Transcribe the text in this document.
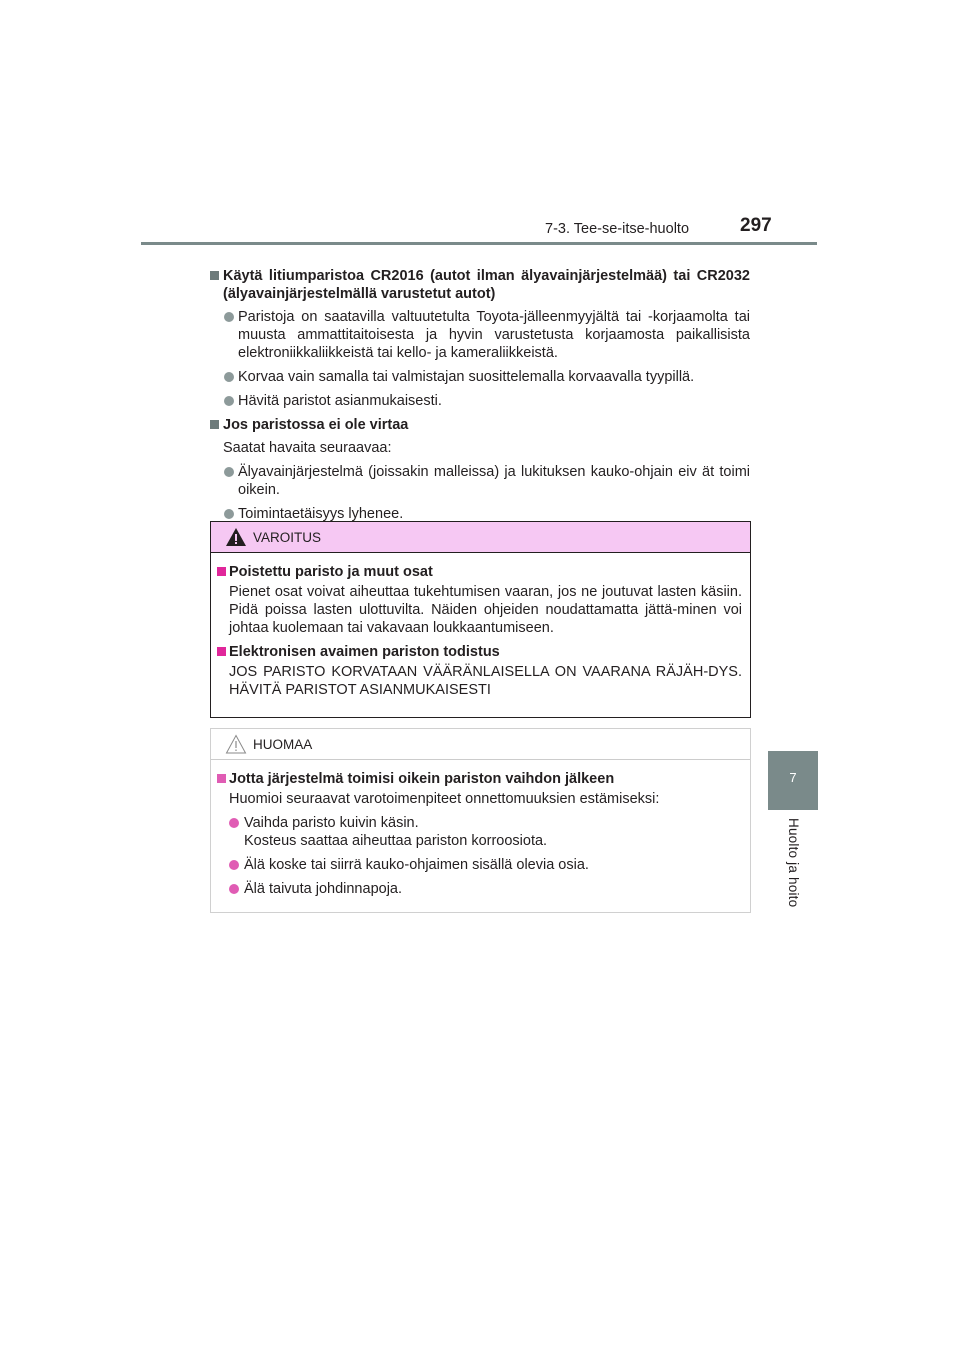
7-3. Tee-se-itse-huolto	297
7
Huolto ja hoito
Käytä litiumparistoa CR2016 (autot ilman älyavainjärjestelmää) tai CR2032 (älyavainjärjestelmällä varustetut autot)
Paristoja on saatavilla valtuutetulta Toyota-jälleenmyyjältä tai -korjaamolta tai muusta ammattitaitoisesta ja hyvin varustetusta korjaamosta paikallisista elektroniikkaliikkeistä tai kello- ja kameraliikkeistä.
Korvaa vain samalla tai valmistajan suosittelemalla korvaavalla tyypillä.
Hävitä paristot asianmukaisesti.
Jos paristossa ei ole virtaa
Saatat havaita seuraavaa:
Älyavainjärjestelmä (joissakin malleissa) ja lukituksen kauko-ohjain eiv ät toimi oikein.
Toimintaetäisyys lyhenee.
VAROITUS
Poistettu paristo ja muut osat
Pienet osat voivat aiheuttaa tukehtumisen vaaran, jos ne joutuvat lasten käsiin. Pidä poissa lasten ulottuvilta. Näiden ohjeiden noudattamatta jättä-minen voi johtaa kuolemaan tai vakavaan loukkaantumiseen.
Elektronisen avaimen pariston todistus
JOS PARISTO KORVATAAN VÄÄRÄNLAISELLA ON VAARANA RÄJÄH-DYS. HÄVITÄ PARISTOT ASIANMUKAISESTI
HUOMAA
Jotta järjestelmä toimisi oikein pariston vaihdon jälkeen
Huomioi seuraavat varotoimenpiteet onnettomuuksien estämiseksi:
Vaihda paristo kuivin käsin.
Kosteus saattaa aiheuttaa pariston korroosiota.
Älä koske tai siirrä kauko-ohjaimen sisällä olevia osia.
Älä taivuta johdinnapoja.
